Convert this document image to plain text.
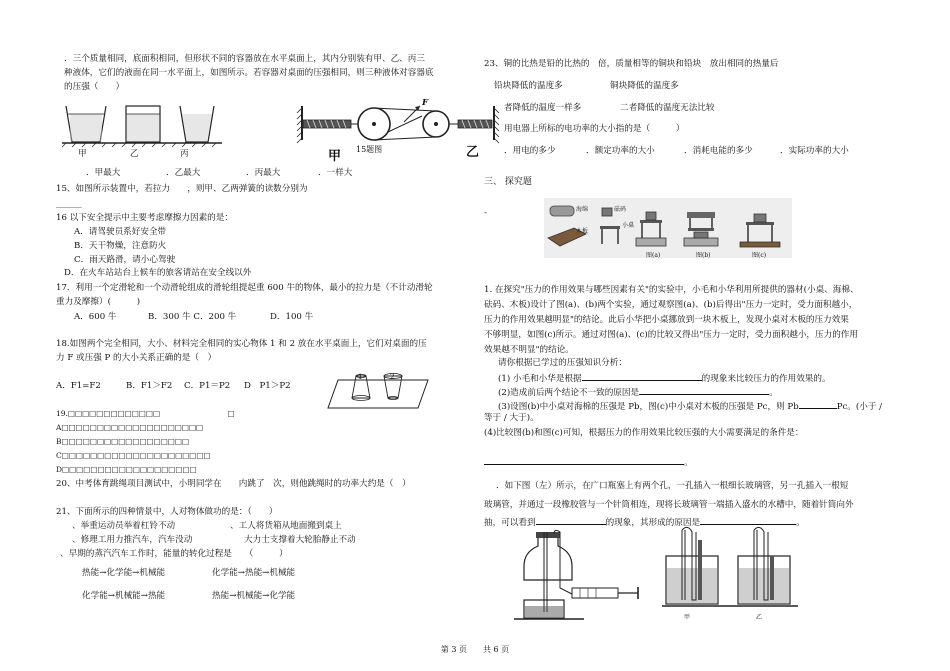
．三个质量相同，底面积相同，但形状不同的容器放在水平桌面上，其内分别装有甲、乙、丙三
种液体，它们的液面在同一水平面上，如图所示。若容器对桌面的压强相同，则三种液体对容器底
的压强（　　）
甲	乙	丙
F
甲	乙
15题图
．甲最大	．乙最大	．丙最大	．一样大
15、如图所示装置中，若拉力　　，则甲、乙两弹簧的读数分别为
______
16 以下安全提示中主要考虑摩擦力因素的是：
A．请驾驶员系好安全带
B．天干物燥，注意防火
C．雨天路滑，请小心驾驶
D．在火车站站台上候车的旅客请站在安全线以外
17．利用一个定滑轮和一个动滑轮组成的滑轮组提起重 600 牛的物体，最小的拉力是（不计动滑轮
重力及摩擦）(　　　)
A．600 牛	B．300 牛 C．200 牛	D．100 牛
18.如图两个完全相同，大小、材料完全相同的实心物体 1 和 2 放在水平桌面上，它们对桌面的压
力 F 或压强 P 的大小关系正确的是（　）
A．F1=F2	B．F1＞F2 C．P1＝P2 D　P1＞P2
1	2
19.□□□□□□□□□□□□□　　　　　　　　　□
A□□□□□□□□□□□□□□□□□□□□
B□□□□□□□□□□□□□□□□□□
C□□□□□□□□□□□□□□□□□□□□□
D□□□□□□□□□□□□□□□□□□□
20、中考体育跳绳项目测试中，小明同学在　　内跳了　次，则他跳绳时的功率大约是（　）
21、下面所示的四种情景中，人对物体做功的是：（　　）
、举重运动员举着杠铃不动	、工人将货箱从地面搬到桌上
、修理工用力推汽车，汽车没动	大力士支撑着大轮胎静止不动
、早期的蒸汽汽车工作时，能量的转化过程是　　（　　　）
热能→化学能→机械能	化学能→热能→机械能
化学能→机械能→热能	热能→机械能→化学能
23、铜的比热是铅的比热的　倍，质量相等的铜块和铅块　放出相同的热量后
铅块降低的温度多	铜块降低的温度多
者降低的温度一样多	二者降低的温度无法比较
用电器上所标的电功率的大小指的是（　　　）
．用电的多少	．额定功率的大小	．消耗电能的多少	．实际功率的大小
三、 探究题
-	海绵	砝码
木板
小桌
图(a)	图(b)	图(c)
1. 在探究"压力的作用效果与哪些因素有关"的实验中，小毛和小华利用所提供的器材(小桌、海棉、
砝码、木板)设计了图(a)、(b)两个实验，通过观察图(a)、(b)后得出"压力一定时，受力面积越小，
压力的作用效果越明显"的结论。此后小华把小桌挪放到一块木板上，发现小桌对木板的压力效果
不够明显，如图(c)所示。通过对图(a)、(c)的比较又得出"压力一定时，受力面积越小，压力的作用
效果越不明显"的结论。
请你根据已学过的压强知识分析：
(1) 小毛和小华是根据	的现象来比较压力的作用效果的。
(2)造成前后两个结论不一致的原因是	。
(3)设图(b)中小桌对海棉的压强是 Pb，图(c)中小桌对木板的压强是 Pc，则 Pb	Pc。(小于 /
等于 / 大于)。
(4)比较图(b)和图(c)可知，根据压力的作用效果比较压强的大小需要满足的条件是：
。
．如下图（左）所示，在广口瓶塞上有两个孔，一孔插入一根细长玻璃管，另一孔插入一根短
玻璃管，并通过一段橡胶管与一个针筒相连，现将长玻璃管一端插入盛水的水槽中，随着针筒向外
抽，可以看到	的现象，其形成的原因是	。
甲	乙
第 3 页　　共 6 页
